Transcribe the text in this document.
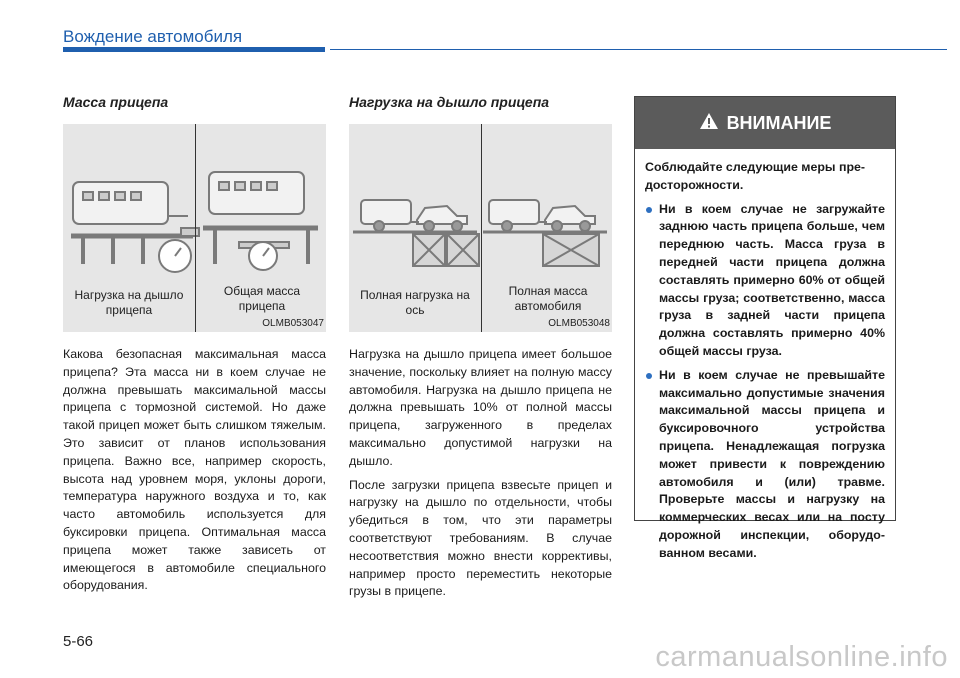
Вождение автомобиля
Масса прицепа
Нагрузка на дышло прицепа
Общая масса прицепа
OLMB053047

Какова безопасная максимальная масса прицепа? Эта масса ни в коем случае не должна превышать максимальной массы прицепа с тормозной системой. Но даже такой прицеп может быть слишком тяжелым. Это зависит от планов использования прицепа. Важно все, например скорость, высота над уровнем моря, уклоны дороги, температура наружного воздуха и то, как часто автомобиль используется для буксировки прицепа. Оптимальная масса прицепа может также зависеть от имеющегося в автомобиле специального оборудования.

Нагрузка на дышло прицепа
Полная нагрузка на ось
Полная масса автомобиля
OLMB053048

Нагрузка на дышло прицепа имеет большое значение, поскольку влияет на полную массу автомобиля. Нагрузка на дышло прицепа не должна превышать 10% от полной массы прицепа, загруженного в пределах максимально допустимой нагрузки на дышло.

После загрузки прицепа взвесьте прицеп и нагрузку на дышло по отдельности, чтобы убедиться в том, что эти параметры соответствуют требованиям. В случае несоответствия можно внести коррективы, например просто переместить некоторые грузы в прицепе.

ВНИМАНИЕ

Соблюдайте следующие меры предосторожности.

Ни в коем случае не загружайте заднюю часть прицепа больше, чем переднюю часть. Масса груза в передней части прицепа должна составлять примерно 60% от общей массы груза; соответственно, масса груза в задней части прицепа должна составлять примерно 40% общей массы груза.
Ни в коем случае не превышайте максимально допустимые значения максимальной массы прицепа и буксировочного устройства прицепа. Ненадлежащая погрузка может привести к повреждению автомобиля и (или) травме. Проверьте массы и нагрузку на коммерческих весах или на посту дорожной инспекции, оборудованном весами.
5-66	carmanualsonline.info
